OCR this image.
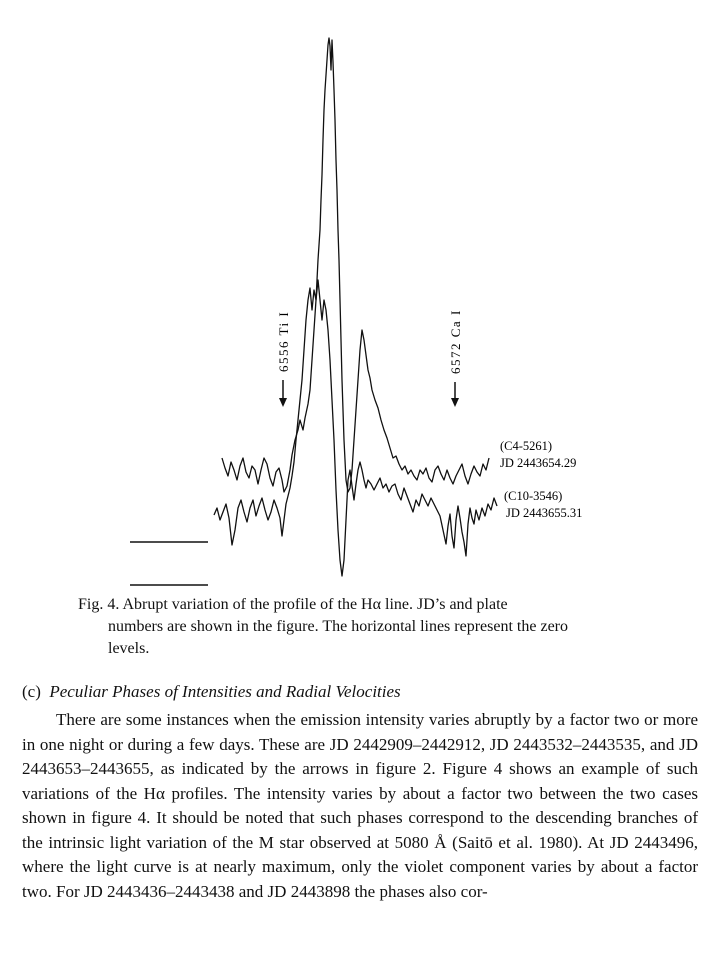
6556 Ti I	6572 Ca I
(C4-5261)
JD 2443654.29
(C10-3546)
JD 2443655.31
Fig. 4. Abrupt variation of the profile of the Hα line. JD’s and plate

numbers are shown in the figure. The horizontal lines represent the zero
levels.
(c) Peculiar Phases of Intensities and Radial Velocities

There are some instances when the emission intensity varies abruptly by a factor two or more in one night or during a few days. These are JD 2442909–2442912, JD 2443532–2443535, and JD 2443653–2443655, as indicated by the arrows in figure 2. Figure 4 shows an example of such variations of the Hα profiles. The intensity varies by about a factor two between the two cases shown in figure 4. It should be noted that such phases correspond to the descending branches of the intrinsic light variation of the M star observed at 5080 Å (Saitō et al. 1980). At JD 2443496, where the light curve is at nearly maximum, only the violet component varies by about a factor two. For JD 2443436–2443438 and JD 2443898 the phases also cor-
